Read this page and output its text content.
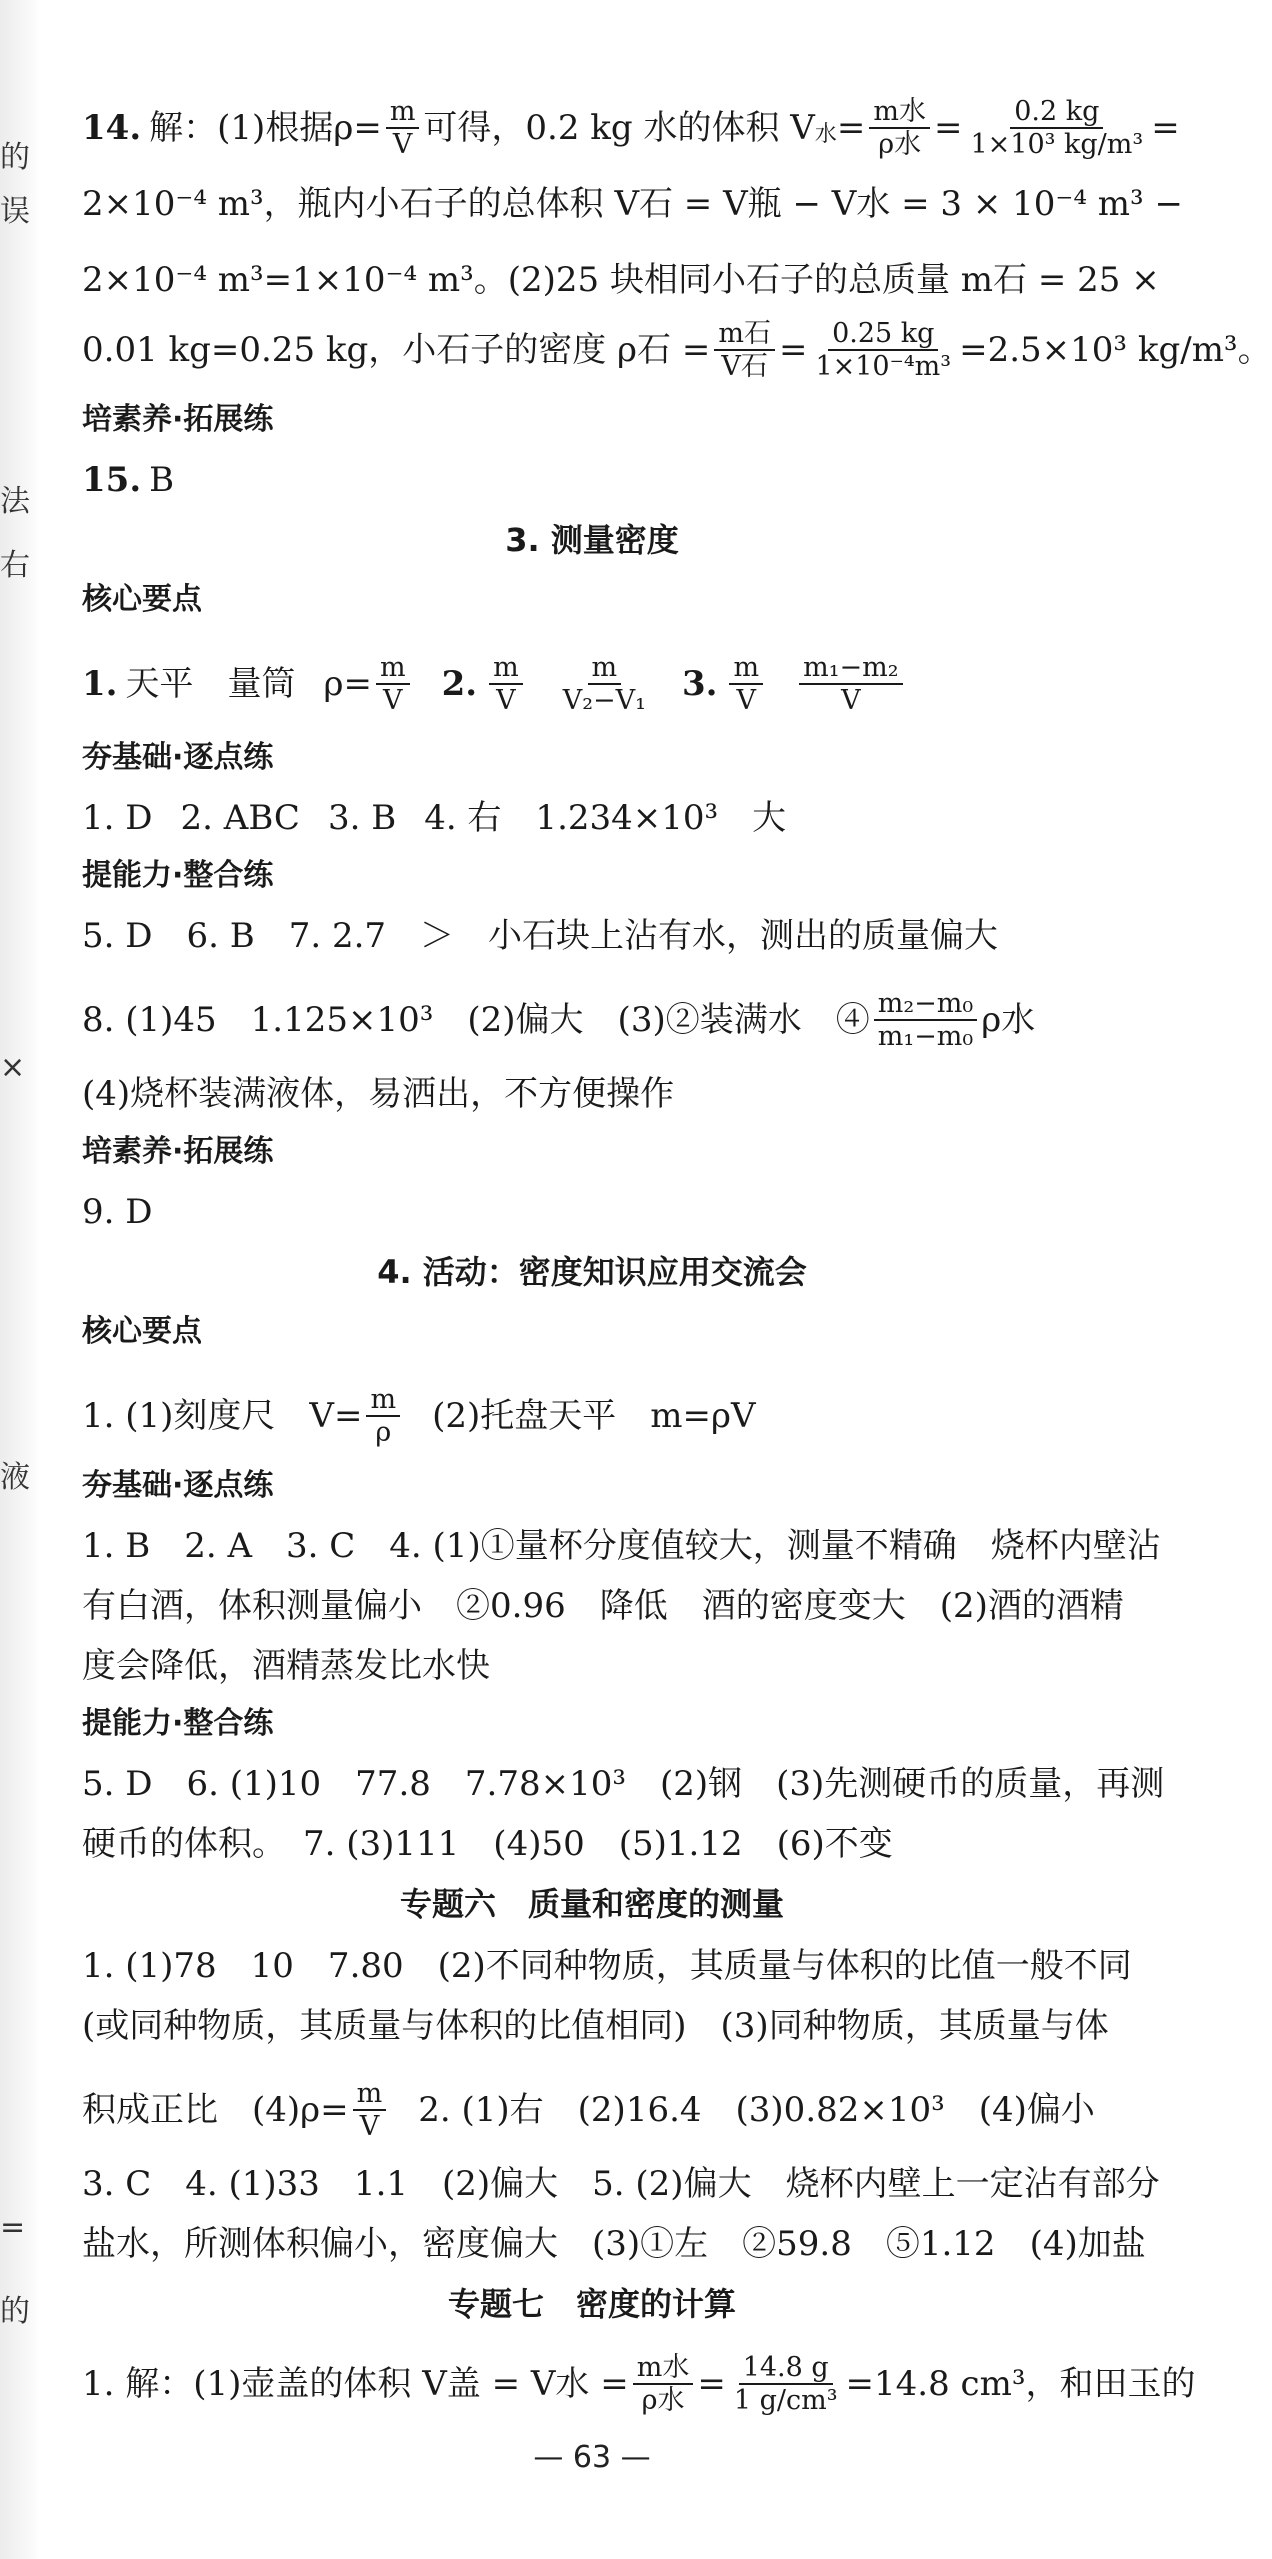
的
误
法
右
×
液
=
的
14. 解：(1)根据 $\rho= \frac{m}{V}$ 可得，0.2 kg 水的体积 V 水 = $\frac{\text{m水}}{\text{ρ水}} = \frac{0.2 kg}{\text{1×10³ kg/m³}}$ =
2×10⁻⁴ m³，瓶内小石子的总体积 V石 = V瓶 − V水 = 3 × 10⁻⁴ m³ −
2×10⁻⁴ m³=1×10⁻⁴ m³。(2)25 块相同小石子的总质量 m石 = 25 ×
0.01 kg=0.25 kg，小石子的密度 ρ石 = $\frac{\text{m石}}{\text{V石}} = \frac{0.25 kg}{\text{1×10⁻⁴m³}} =2.5\times 10^3$ kg/m³。
培素养·拓展练
15. B
3. 测量密度
核心要点
1. 天平　量筒 $\rho= \frac{m}{V} 2$. $\frac{m}{V} \frac{m}{\text{V₂−V₁}} 3$. $\frac{m}{V} \frac{\text{m₁−m₂}}{V}$
夯基础·逐点练
1. D 2. ABC 3. B 4. 右　1.234×10³　大
提能力·整合练
5. D　6. B　7. 2.7　＞　小石块上沾有水，测出的质量偏大
8. (1)45　1.125×10³　(2)偏大　(3)②装满水　④ $\frac{\text{m₂−m₀}}{\text{m₁−m₀}}$ ρ水
(4)烧杯装满液体，易洒出，不方便操作
培素养·拓展练
9. D
4. 活动：密度知识应用交流会
核心要点
1. (1)刻度尺　$V= \frac{m}{\rho} (2)$托盘天平　m=ρV
夯基础·逐点练
1. B　2. A　3. C　4. (1)①量杯分度值较大，测量不精确　烧杯内壁沾
有白酒，体积测量偏小　②0.96　降低　酒的密度变大　(2)酒的酒精
度会降低，酒精蒸发比水快
提能力·整合练
5. D　6. (1)10　77.8　7.78×10³　(2)钢　(3)先测硬币的质量，再测
硬币的体积。　7. (3)111　(4)50　(5)1.12　(6)不变
专题六　质量和密度的测量
1. (1)78　10　7.80　(2)不同种物质，其质量与体积的比值一般不同
(或同种物质，其质量与体积的比值相同)　(3)同种物质，其质量与体
积成正比　$(4)\rho= \frac{m}{V} 2$. (1)右　(2)16.4　(3)0.82×10³　(4)偏小
3. C　4. (1)33　1.1　(2)偏大　5. (2)偏大　烧杯内壁上一定沾有部分
盐水，所测体积偏小，密度偏大　(3)①左　②59.8　⑤1.12　(4)加盐
专题七　密度的计算
1. 解：(1)壶盖的体积 V盖 = V水 = $\frac{\text{m水}}{\text{ρ水}} = \frac{14.8 g}{\text{1 g/cm³}} =14.8$ cm³，和田玉的
— 63 —
